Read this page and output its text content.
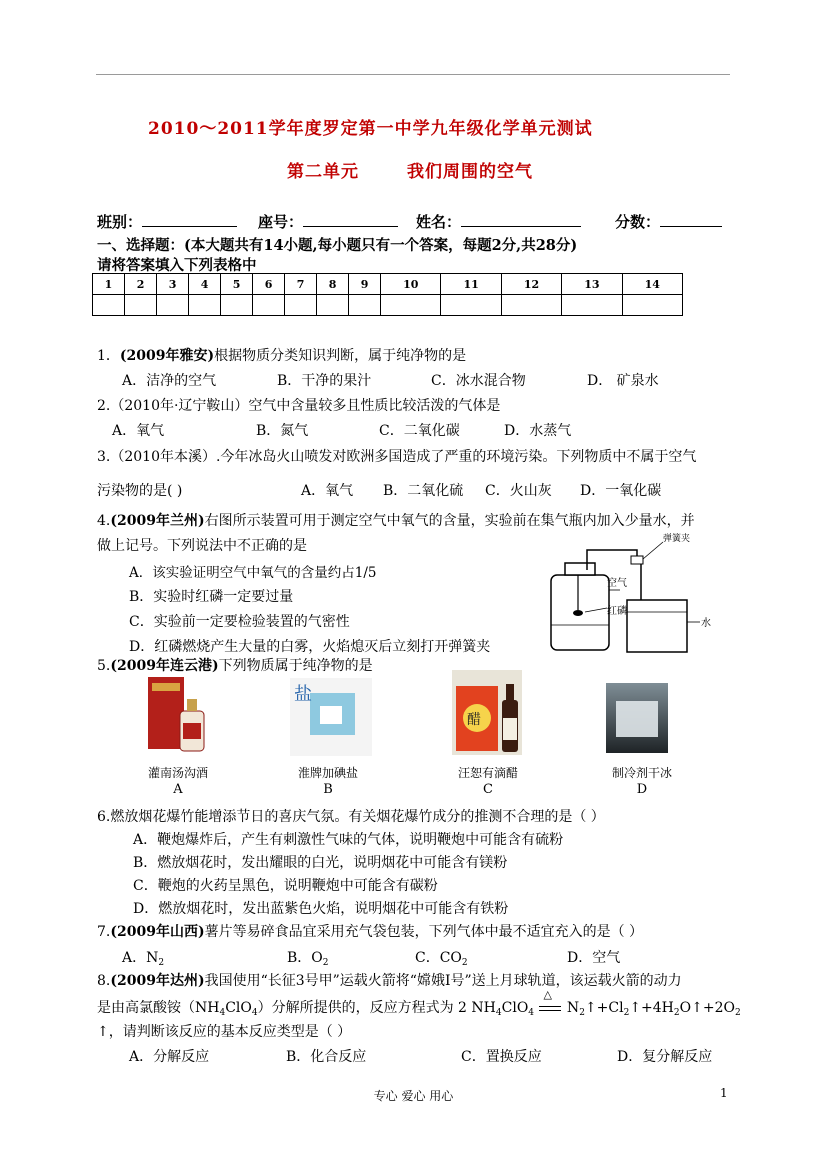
2010～2011学年度罗定第一中学九年级化学单元测试
第二单元	我们周围的空气
班别：	座号：	姓名：	分数：
一、选择题：(本大题共有14小题,每小题只有一个答案，每题2分,共28分)
请将答案填入下列表格中
1	2	3	4	5	6	7	8	9	10	11	12	13	14

1．(2009年雅安)根据物质分类知识判断，属于纯净物的是
A．洁净的空气	B．干净的果汁	C．冰水混合物	D． 矿泉水
2.（2010年·辽宁鞍山）空气中含量较多且性质比较活泼的气体是
A．氧气	B．氮气	C．二氧化碳	D．水蒸气
3.（2010年本溪）.今年冰岛火山喷发对欧洲多国造成了严重的环境污染。下列物质中不属于空气
污染物的是( )	A．氧气 B．二氧化硫 C．火山灰 D．一氧化碳
4.(2009年兰州)右图所示装置可用于测定空气中氧气的含量，实验前在集气瓶内加入少量水，并
做上记号。下列说法中不正确的是
A．该实验证明空气中氧气的含量约占1/5
B．实验时红磷一定要过量
C．实验前一定要检验装置的气密性
D．红磷燃烧产生大量的白雾，火焰熄灭后立刻打开弹簧夹
弹簧夹
空气
红磷
水
5.(2009年连云港)下列物质属于纯净物的是
盐
醋
灌南汤沟酒
A
淮牌加碘盐
B
汪恕有滴醋
C
制冷剂干冰
D
6.燃放烟花爆竹能增添节日的喜庆气氛。有关烟花爆竹成分的推测不合理的是（ ）
A．鞭炮爆炸后，产生有刺激性气味的气体，说明鞭炮中可能含有硫粉
B．燃放烟花时，发出耀眼的白光，说明烟花中可能含有镁粉
C．鞭炮的火药呈黑色，说明鞭炮中可能含有碳粉
D．燃放烟花时，发出蓝紫色火焰，说明烟花中可能含有铁粉
7.(2009年山西)薯片等易碎食品宜采用充气袋包装，下列气体中最不适宜充入的是（ ）
A．$N_2$	B．$O_2$	C．$CO_2$	D．空气
8.(2009年达州)我国使用“长征3号甲”运载火箭将“嫦娥Ⅰ号”送上月球轨道，该运载火箭的动力
是由高氯酸铵$(NH_4ClO_4)$分解所提供的，反应方程式为 2 $NH_4ClO_4$
△
$N_2↑+Cl_2↑+4H_2O↑+2O_2$
↑，请判断该反应的基本反应类型是（ ）
A．分解反应	B．化合反应	C．置换反应	D．复分解反应
专心 爱心 用心	1
